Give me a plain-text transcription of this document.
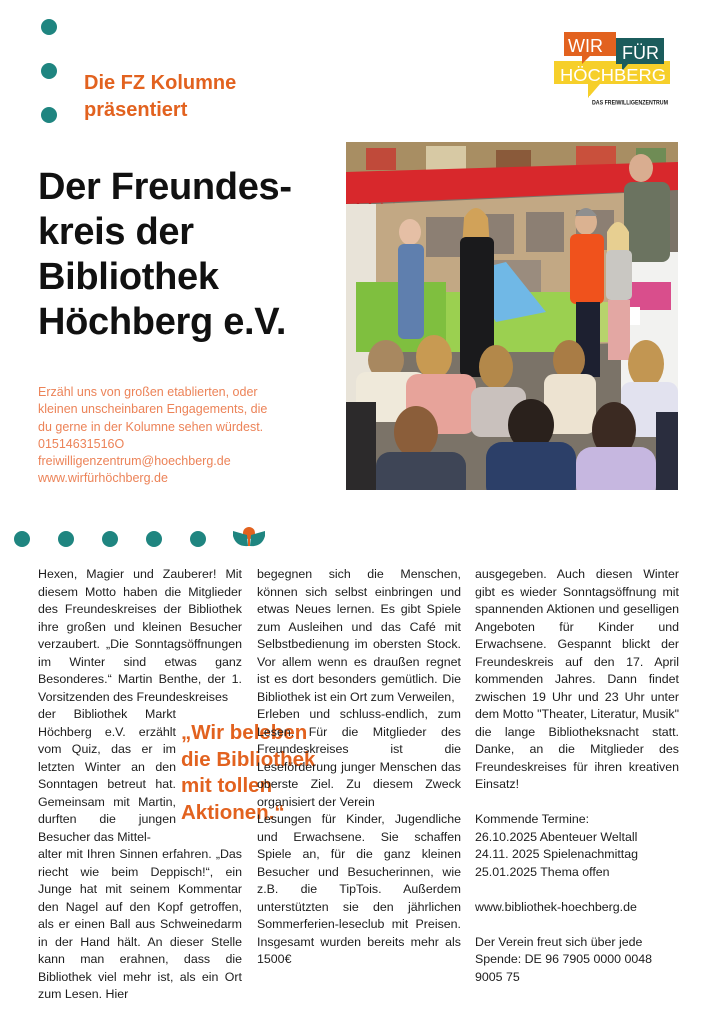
Die FZ Kolumne
präsentiert
WIR FÜR
HÖCHBERG
DAS FREIWILLIGENZENTRUM
Der Freundes-
kreis der
Bibliothek
Höchberg e.V.
Erzähl uns von großen etablierten, oder
kleinen unscheinbaren Engagements, die
du gerne in der Kolumne sehen würdest.
01514631516O
freiwilligenzentrum@hoechberg.de
www.wirfürhöchberg.de

Hexen, Magier und Zauberer! Mit diesem Motto haben die Mitglieder des Freundeskreises der Bibliothek ihre großen und kleinen Besucher verzaubert. „Die Sonntagsöffnungen im Winter sind etwas ganz Besonderes.“ Martin Benthe, der 1. Vorsitzenden des Freundeskreises

der Bibliothek Markt Höchberg e.V. erzählt vom Quiz, das er im letzten Winter an den Sonntagen betreut hat. Gemeinsam mit Martin, durften die jungen Besucher das Mittel-

alter mit Ihren Sinnen erfahren. „Das riecht wie beim Deppisch!“, ein Junge hat mit seinem Kommentar den Nagel auf den Kopf getroffen, als er einen Ball aus Schweinedarm in der Hand hält. An dieser Stelle kann man erahnen, dass die Bibliothek viel mehr ist, als ein Ort zum Lesen. Hier

„Wir beleben die Bibliothek mit tollen Aktionen.“

begegnen sich die Menschen, können sich selbst einbringen und etwas Neues lernen. Es gibt Spiele zum Ausleihen und das Café mit Selbstbedienung im obersten Stock. Vor allem wenn es draußen regnet ist es dort besonders gemütlich. Die Bibliothek ist ein Ort zum Verweilen,

Erleben und schluss-endlich, zum Lesen. Für die Mitglieder des Freundeskreises ist die Leseförderung junger Menschen das oberste Ziel. Zu diesem Zweck organisiert der Verein

Lesungen für Kinder, Jugendliche und Erwachsene. Sie schaffen Spiele an, für die ganz kleinen Besucher und Besucherinnen, wie z.B. die TipTois. Außerdem unterstützten sie den jährlichen Sommerferien-leseclub mit Preisen. Insgesamt wurden bereits mehr als 1500€

ausgegeben. Auch diesen Winter gibt es wieder Sonntagsöffnung mit spannenden Aktionen und geselligen Angeboten für Kinder und Erwachsene. Gespannt blickt der Freundeskreis auf den 17. April kommenden Jahres. Dann findet zwischen 19 Uhr und 23 Uhr unter dem Motto "Theater, Literatur, Musik" die lange Bibliotheksnacht statt. Danke, an die Mitglieder des Freundeskreises für ihren kreativen Einsatz!

Kommende Termine:
26.10.2025 Abenteuer Weltall
24.11. 2025 Spielenachmittag
25.01.2025 Thema offen
www.bibliothek-hoechberg.de
Der Verein freut sich über jede
Spende: DE 96 7905 0000 0048
9005 75
